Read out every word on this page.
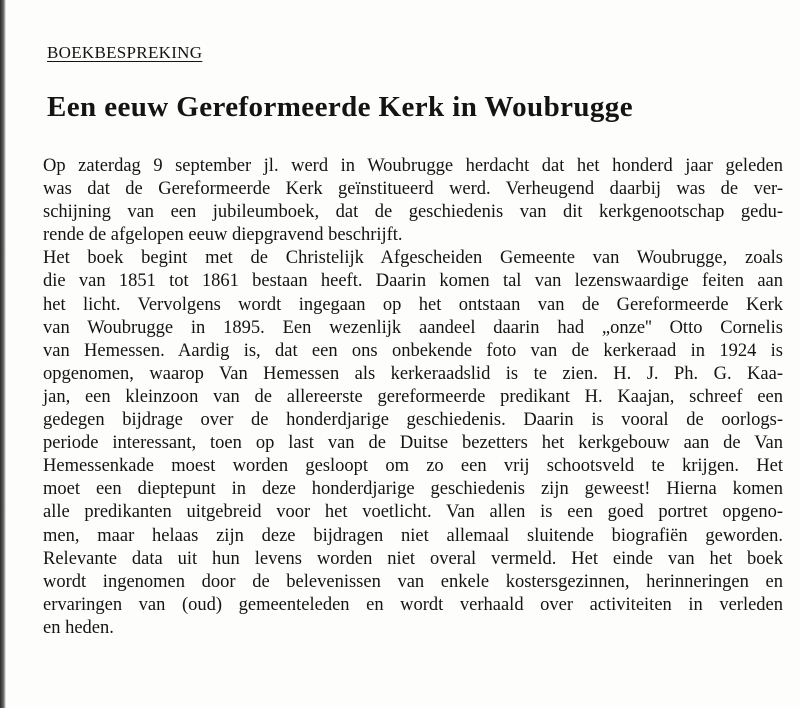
BOEKBESPREKING
Een eeuw Gereformeerde Kerk in Woubrugge
Op zaterdag 9 september jl. werd in Woubrugge herdacht dat het honderd jaar geleden
was dat de Gereformeerde Kerk geïnstitueerd werd. Verheugend daarbij was de ver-
schijning van een jubileumboek, dat de geschiedenis van dit kerkgenootschap gedu-
rende de afgelopen eeuw diepgravend beschrijft.
Het boek begint met de Christelijk Afgescheiden Gemeente van Woubrugge, zoals
die van 1851 tot 1861 bestaan heeft. Daarin komen tal van lezenswaardige feiten aan
het licht. Vervolgens wordt ingegaan op het ontstaan van de Gereformeerde Kerk
van Woubrugge in 1895. Een wezenlijk aandeel daarin had „onze'' Otto Cornelis
van Hemessen. Aardig is, dat een ons onbekende foto van de kerkeraad in 1924 is
opgenomen, waarop Van Hemessen als kerkeraadslid is te zien. H. J. Ph. G. Kaa-
jan, een kleinzoon van de allereerste gereformeerde predikant H. Kaajan, schreef een
gedegen bijdrage over de honderdjarige geschiedenis. Daarin is vooral de oorlogs-
periode interessant, toen op last van de Duitse bezetters het kerkgebouw aan de Van
Hemessenkade moest worden gesloopt om zo een vrij schootsveld te krijgen. Het
moet een dieptepunt in deze honderdjarige geschiedenis zijn geweest! Hierna komen
alle predikanten uitgebreid voor het voetlicht. Van allen is een goed portret opgeno-
men, maar helaas zijn deze bijdragen niet allemaal sluitende biografiën geworden.
Relevante data uit hun levens worden niet overal vermeld. Het einde van het boek
wordt ingenomen door de belevenissen van enkele kostersgezinnen, herinneringen en
ervaringen van (oud) gemeenteleden en wordt verhaald over activiteiten in verleden
en heden.
